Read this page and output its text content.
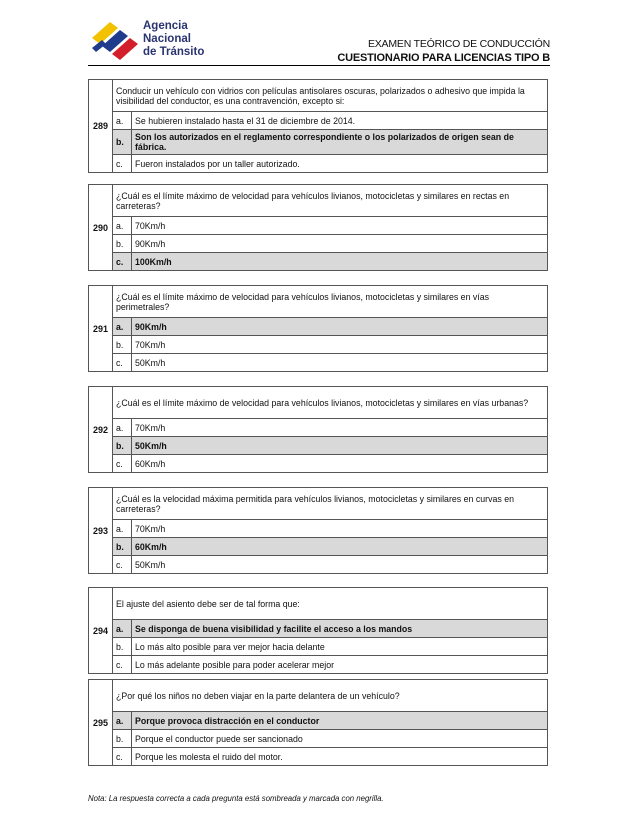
Agencia
Nacional
de Tránsito
EXAMEN TEÓRICO DE CONDUCCIÓN
CUESTIONARIO PARA LICENCIAS TIPO B
289	Conducir un vehículo con vidrios con películas antisolares oscuras, polarizados o adhesivo que impida la visibilidad del conductor, es una contravención, excepto si:	
	a.	Se hubieren instalado hasta el 31 de diciembre de 2014.
	b.	Son los autorizados en el reglamento correspondiente o los polarizados de origen sean de fábrica.
	c.	Fueron instalados por un taller autorizado.
290	¿Cuál es el límite máximo de velocidad para vehículos livianos, motocicletas y similares en rectas en carreteras?	
	a.	70Km/h
	b.	90Km/h
	c.	100Km/h
291	¿Cuál es el límite máximo de velocidad para vehículos livianos, motocicletas y similares en vías perimetrales?	
	a.	90Km/h
	b.	70Km/h
	c.	50Km/h
292	¿Cuál es el límite máximo de velocidad para vehículos livianos, motocicletas y similares en vías urbanas?	
	a.	70Km/h
	b.	50Km/h
	c.	60Km/h
293	¿Cuál es la velocidad máxima permitida para vehículos livianos, motocicletas y similares en curvas en carreteras?	
	a.	70Km/h
	b.	60Km/h
	c.	50Km/h
294	El ajuste del asiento debe ser de tal forma que:	
	a.	Se disponga de buena visibilidad y facilite el acceso a los mandos
	b.	Lo más alto posible para ver mejor hacia delante
	c.	Lo más adelante posible para poder acelerar mejor
295	¿Por qué los niños no deben viajar en la parte delantera de un vehículo?	
	a.	Porque provoca distracción en el conductor
	b.	Porque el conductor puede ser sancionado
	c.	Porque les molesta el ruido del motor.
Nota: La respuesta correcta a cada pregunta está sombreada y marcada con negrilla.
